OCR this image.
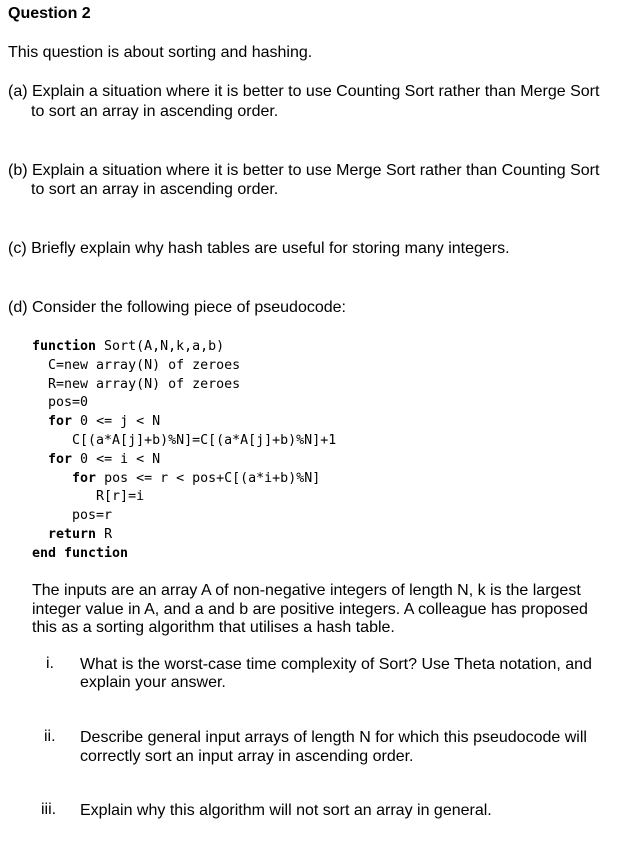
Question 2
This question is about sorting and hashing.
(a) Explain a situation where it is better to use Counting Sort rather than Merge Sort
to sort an array in ascending order.
(b) Explain a situation where it is better to use Merge Sort rather than Counting Sort
to sort an array in ascending order.
(c) Briefly explain why hash tables are useful for storing many integers.
(d) Consider the following piece of pseudocode:
function Sort(A,N,k,a,b)
C=new array(N) of zeroes
R=new array(N) of zeroes
pos=0
for 0 <= j < N
C[(a*A[j]+b)%N]=C[(a*A[j]+b)%N]+1
for 0 <= i < N
for pos <= r < pos+C[(a*i+b)%N]
R[r]=i
pos=r
return R
end function
The inputs are an array A of non-negative integers of length N, k is the largest
integer value in A, and a and b are positive integers. A colleague has proposed
this as a sorting algorithm that utilises a hash table.
i. What is the worst-case time complexity of Sort? Use Theta notation, and
explain your answer.
ii. Describe general input arrays of length N for which this pseudocode will
correctly sort an input array in ascending order.
iii. Explain why this algorithm will not sort an array in general.
